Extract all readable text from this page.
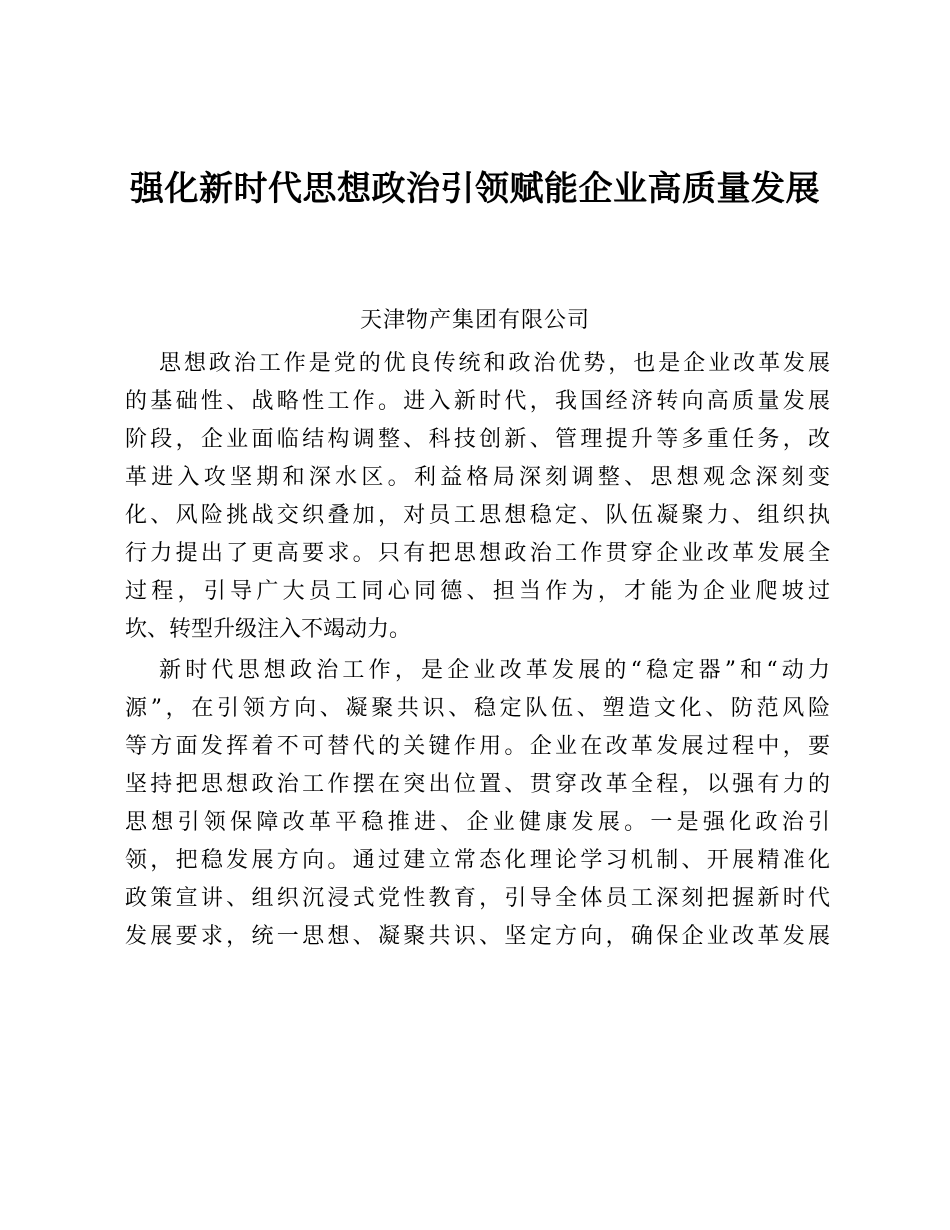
强化新时代思想政治引领赋能企业高质量发展
天津物产集团有限公司
思想政治工作是党的优良传统和政治优势，也是企业改革发展
的基础性、战略性工作。进入新时代，我国经济转向高质量发展
阶段，企业面临结构调整、科技创新、管理提升等多重任务，改
革进入攻坚期和深水区。利益格局深刻调整、思想观念深刻变
化、风险挑战交织叠加，对员工思想稳定、队伍凝聚力、组织执
行力提出了更高要求。只有把思想政治工作贯穿企业改革发展全
过程，引导广大员工同心同德、担当作为，才能为企业爬坡过
坎、转型升级注入不竭动力。
新时代思想政治工作，是企业改革发展的“稳定器”和“动力
源”，在引领方向、凝聚共识、稳定队伍、塑造文化、防范风险
等方面发挥着不可替代的关键作用。企业在改革发展过程中，要
坚持把思想政治工作摆在突出位置、贯穿改革全程，以强有力的
思想引领保障改革平稳推进、企业健康发展。一是强化政治引
领，把稳发展方向。通过建立常态化理论学习机制、开展精准化
政策宣讲、组织沉浸式党性教育，引导全体员工深刻把握新时代
发展要求，统一思想、凝聚共识、坚定方向，确保企业改革发展
